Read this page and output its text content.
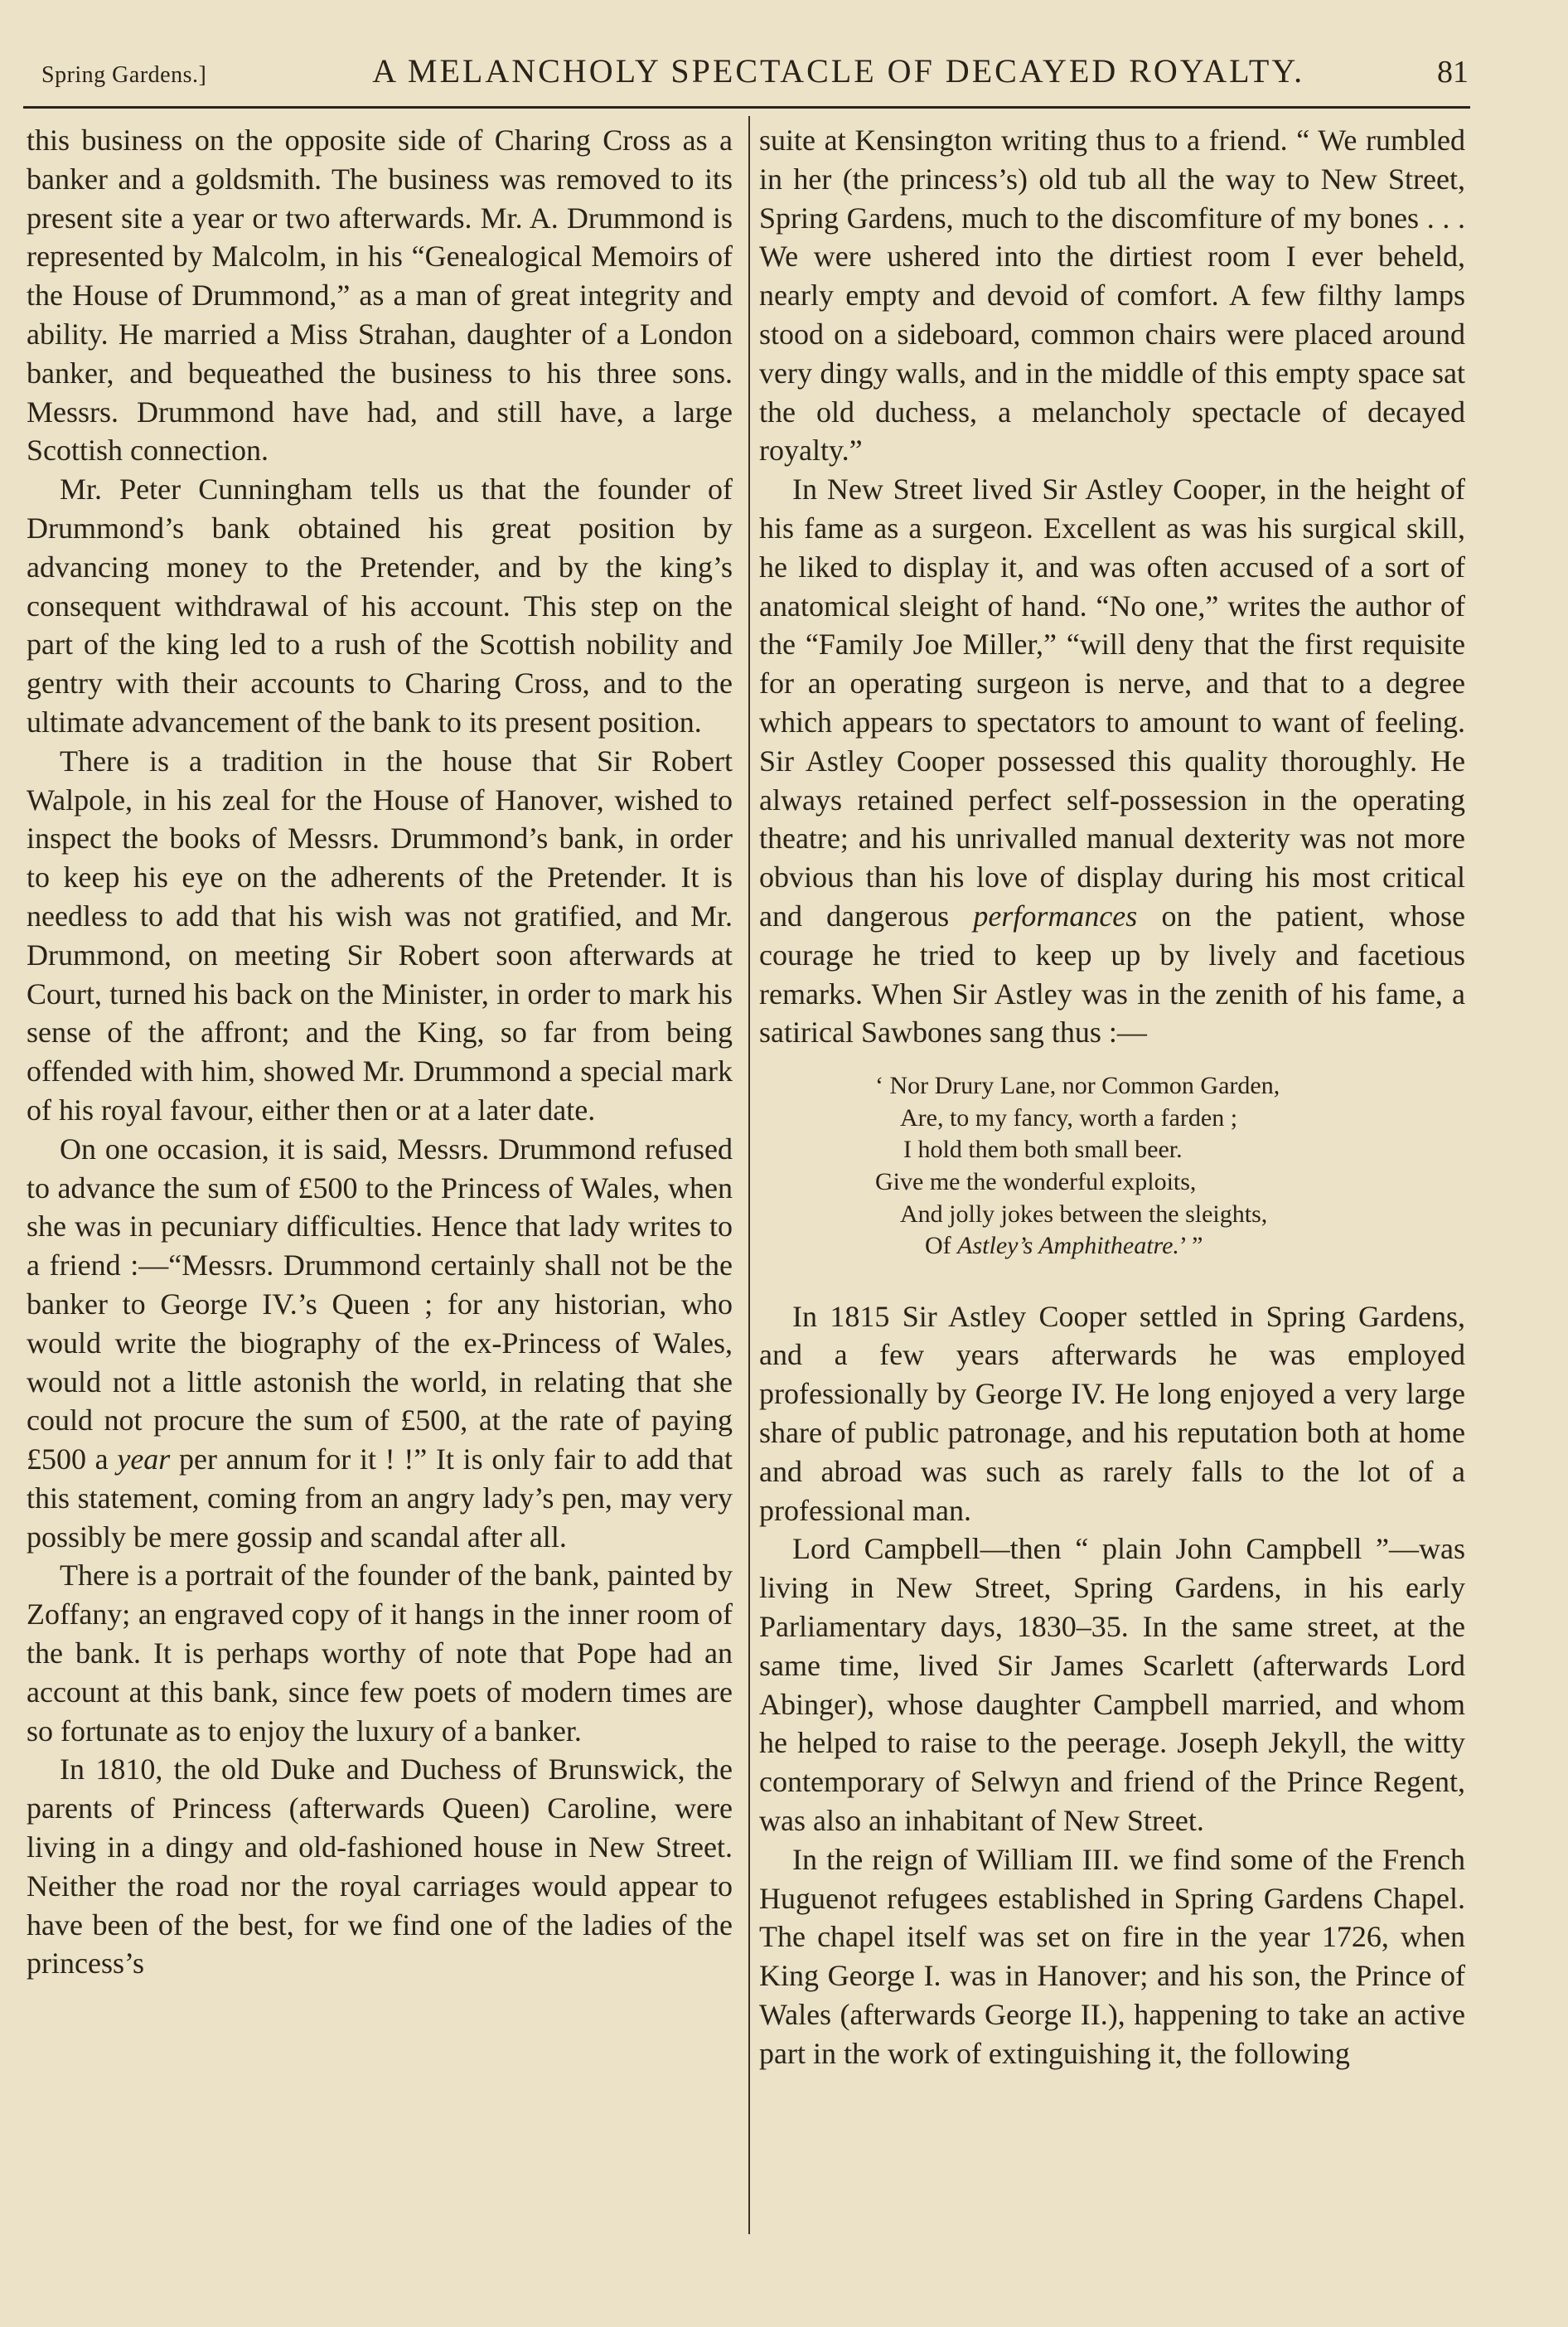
Spring Gardens.]	A MELANCHOLY SPECTACLE OF DECAYED ROYALTY.	81

this business on the opposite side of Charing Cross as a banker and a goldsmith. The business was removed to its present site a year or two afterwards. Mr. A. Drummond is represented by Malcolm, in his “Genealogical Memoirs of the House of Drummond,” as a man of great integrity and ability. He married a Miss Strahan, daughter of a London banker, and bequeathed the business to his three sons. Messrs. Drummond have had, and still have, a large Scottish connection.

Mr. Peter Cunningham tells us that the founder of Drummond’s bank obtained his great position by advancing money to the Pretender, and by the king’s consequent withdrawal of his account. This step on the part of the king led to a rush of the Scottish nobility and gentry with their accounts to Charing Cross, and to the ultimate advancement of the bank to its present position.

There is a tradition in the house that Sir Robert Walpole, in his zeal for the House of Hanover, wished to inspect the books of Messrs. Drummond’s bank, in order to keep his eye on the adherents of the Pretender. It is needless to add that his wish was not gratified, and Mr. Drummond, on meeting Sir Robert soon afterwards at Court, turned his back on the Minister, in order to mark his sense of the affront; and the King, so far from being offended with him, showed Mr. Drummond a special mark of his royal favour, either then or at a later date.

On one occasion, it is said, Messrs. Drummond refused to advance the sum of £500 to the Princess of Wales, when she was in pecuniary difficulties. Hence that lady writes to a friend :—“Messrs. Drummond certainly shall not be the banker to George IV.’s Queen ; for any historian, who would write the biography of the ex-Princess of Wales, would not a little astonish the world, in relating that she could not procure the sum of £500, at the rate of paying £500 a year per annum for it ! !” It is only fair to add that this statement, coming from an angry lady’s pen, may very possibly be mere gossip and scandal after all.

There is a portrait of the founder of the bank, painted by Zoffany; an engraved copy of it hangs in the inner room of the bank. It is perhaps worthy of note that Pope had an account at this bank, since few poets of modern times are so fortunate as to enjoy the luxury of a banker.

In 1810, the old Duke and Duchess of Brunswick, the parents of Princess (afterwards Queen) Caroline, were living in a dingy and old-fashioned house in New Street. Neither the road nor the royal carriages would appear to have been of the best, for we find one of the ladies of the princess’s

suite at Kensington writing thus to a friend. “ We rumbled in her (the princess’s) old tub all the way to New Street, Spring Gardens, much to the discomfiture of my bones . . . We were ushered into the dirtiest room I ever beheld, nearly empty and devoid of comfort. A few filthy lamps stood on a sideboard, common chairs were placed around very dingy walls, and in the middle of this empty space sat the old duchess, a melancholy spectacle of decayed royalty.”

In New Street lived Sir Astley Cooper, in the height of his fame as a surgeon. Excellent as was his surgical skill, he liked to display it, and was often accused of a sort of anatomical sleight of hand. “No one,” writes the author of the “Family Joe Miller,” “will deny that the first requisite for an operating surgeon is nerve, and that to a degree which appears to spectators to amount to want of feeling. Sir Astley Cooper possessed this quality thoroughly. He always retained perfect self-possession in the operating theatre; and his unrivalled manual dexterity was not more obvious than his love of display during his most critical and dangerous performances on the patient, whose courage he tried to keep up by lively and facetious remarks. When Sir Astley was in the zenith of his fame, a satirical Sawbones sang thus :—

‘ Nor Drury Lane, nor Common Garden,
Are, to my fancy, worth a farden ;
I hold them both small beer.
Give me the wonderful exploits,
And jolly jokes between the sleights,
Of Astley’s Amphitheatre.’ ”

In 1815 Sir Astley Cooper settled in Spring Gardens, and a few years afterwards he was employed professionally by George IV. He long enjoyed a very large share of public patronage, and his reputation both at home and abroad was such as rarely falls to the lot of a professional man.

Lord Campbell—then “ plain John Campbell ”—was living in New Street, Spring Gardens, in his early Parliamentary days, 1830–35. In the same street, at the same time, lived Sir James Scarlett (afterwards Lord Abinger), whose daughter Campbell married, and whom he helped to raise to the peerage. Joseph Jekyll, the witty contemporary of Selwyn and friend of the Prince Regent, was also an inhabitant of New Street.

In the reign of William III. we find some of the French Huguenot refugees established in Spring Gardens Chapel. The chapel itself was set on fire in the year 1726, when King George I. was in Hanover; and his son, the Prince of Wales (afterwards George II.), happening to take an active part in the work of extinguishing it, the following
